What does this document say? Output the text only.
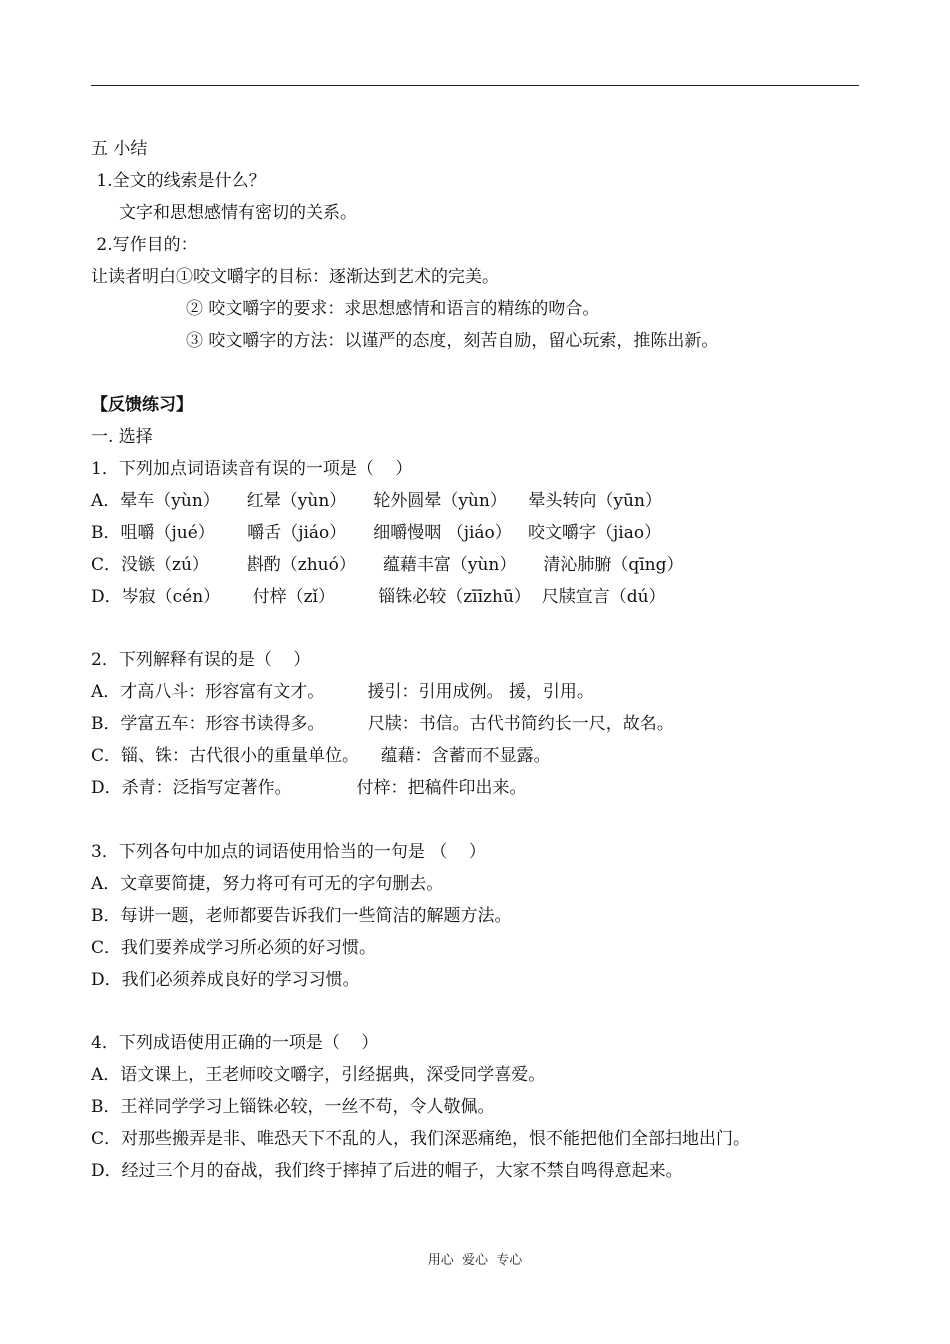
五 小结
1.全文的线索是什么？
文字和思想感情有密切的关系。
2.写作目的：
让读者明白①咬文嚼字的目标：逐渐达到艺术的完美。
② 咬文嚼字的要求：求思想感情和语言的精练的吻合。
③ 咬文嚼字的方法：以谨严的态度，刻苦自励，留心玩索，推陈出新。
【反馈练习】
一. 选择
1．下列加点词语读音有误的一项是（    ）
A．晕车（yùn）     红晕（yùn）     轮外圆晕（yùn）    晕头转向（yūn）
B．咀嚼（jué）      嚼舌（jiáo）     细嚼慢咽 （jiáo）   咬文嚼字（jiao）
C．没镞（zú）       斟酌（zhuó）     蕴藉丰富（yùn）     清沁肺腑（qīng）
D．岑寂（cén）      付梓（zǐ）        锱铢必较（zīīzhū）  尺牍宣言（dú）
2．下列解释有误的是（    ）
A．才高八斗：形容富有文才。        援引：引用成例。 援，引用。
B．学富五车：形容书读得多。        尺牍：书信。古代书简约长一尺，故名。
C．锱、铢：古代很小的重量单位。    蕴藉：含蓄而不显露。
D．杀青：泛指写定著作。            付梓：把稿件印出来。
3．下列各句中加点的词语使用恰当的一句是 （    ）
A．文章要简捷，努力将可有可无的字句删去。
B．每讲一题，老师都要告诉我们一些简洁的解题方法。
C．我们要养成学习所必须的好习惯。
D．我们必须养成良好的学习习惯。
4．下列成语使用正确的一项是（    ）
A．语文课上，王老师咬文嚼字，引经据典，深受同学喜爱。
B．王祥同学学习上锱铢必较，一丝不苟，令人敬佩。
C．对那些搬弄是非、唯恐天下不乱的人，我们深恶痛绝，恨不能把他们全部扫地出门。
D．经过三个月的奋战，我们终于摔掉了后进的帽子，大家不禁自鸣得意起来。
用心  爱心  专心
